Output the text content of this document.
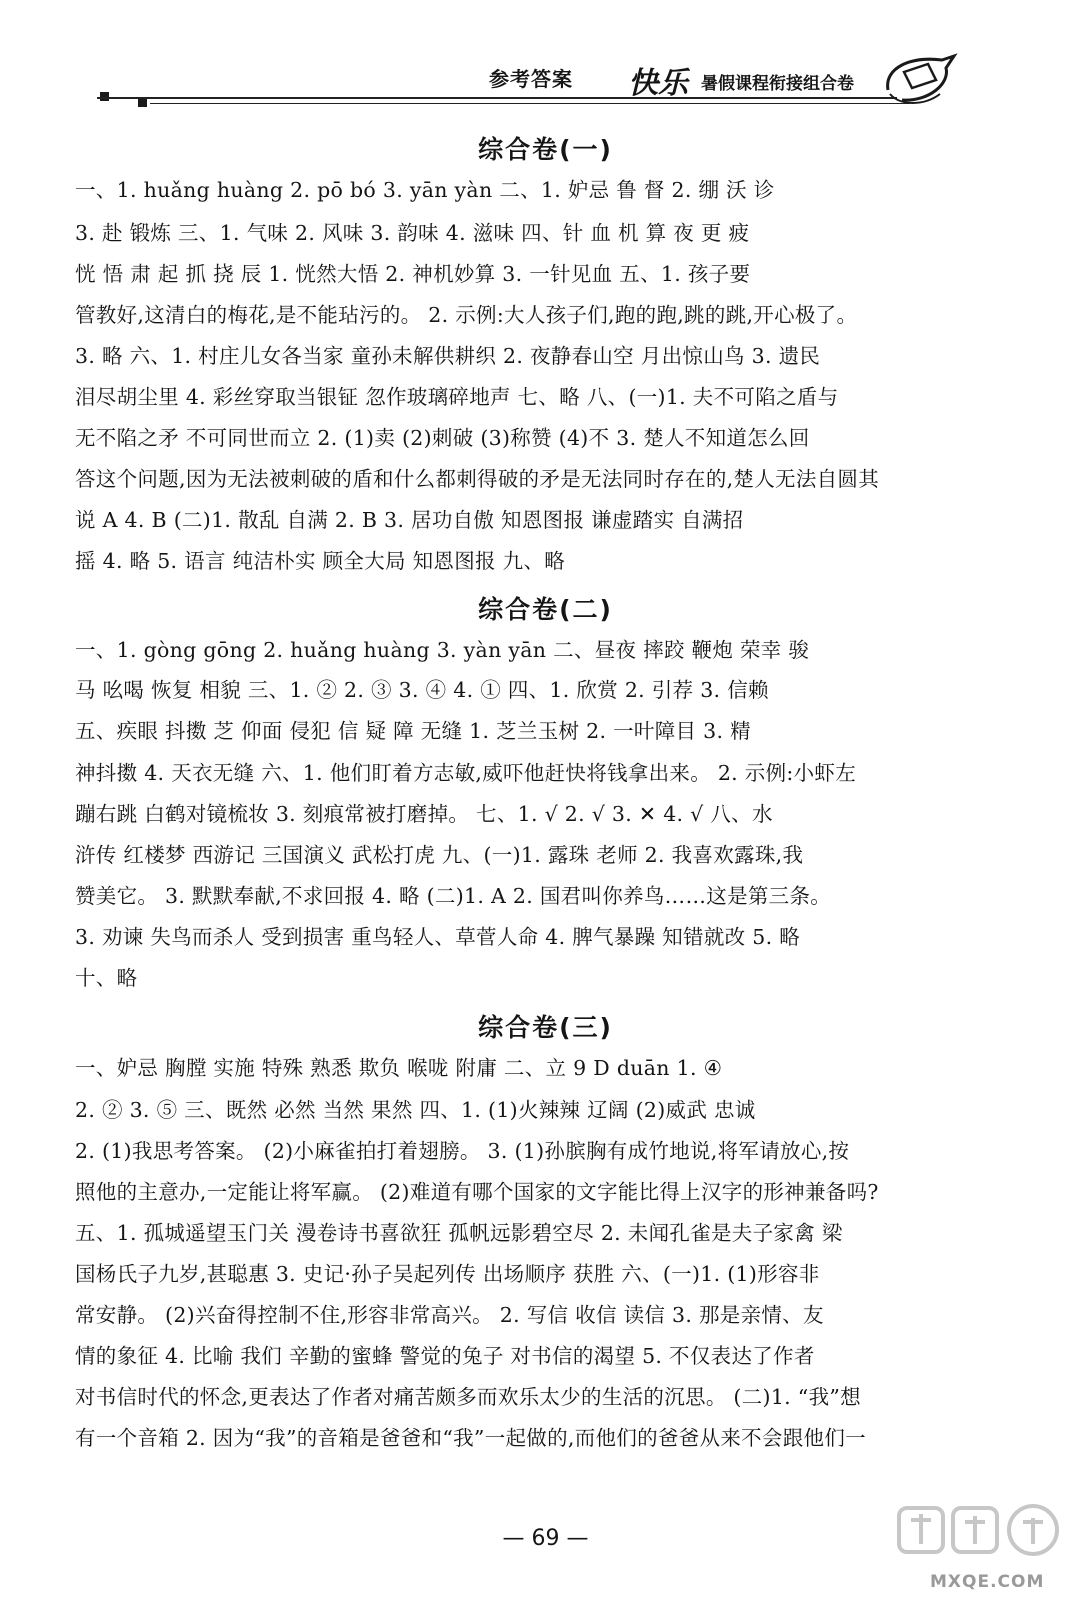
参考答案 快乐 暑假课程衔接组合卷
综合卷(一)
一、1. huǎng huàng 2. pō bó 3. yān yàn 二、1. 妒忌 鲁 督 2. 绷 沃 诊
3. 赴 锻炼 三、1. 气味 2. 风味 3. 韵味 4. 滋味 四、针 血 机 算 夜 更 疲
恍 悟 肃 起 抓 挠 辰 1. 恍然大悟 2. 神机妙算 3. 一针见血 五、1. 孩子要
管教好,这清白的梅花,是不能玷污的。 2. 示例:大人孩子们,跑的跑,跳的跳,开心极了。
3. 略 六、1. 村庄儿女各当家 童孙未解供耕织 2. 夜静春山空 月出惊山鸟 3. 遗民
泪尽胡尘里 4. 彩丝穿取当银钲 忽作玻璃碎地声 七、略 八、(一)1. 夫不可陷之盾与
无不陷之矛 不可同世而立 2. (1)卖 (2)刺破 (3)称赞 (4)不 3. 楚人不知道怎么回
答这个问题,因为无法被刺破的盾和什么都刺得破的矛是无法同时存在的,楚人无法自圆其
说 A 4. B (二)1. 散乱 自满 2. B 3. 居功自傲 知恩图报 谦虚踏实 自满招
摇 4. 略 5. 语言 纯洁朴实 顾全大局 知恩图报 九、略
综合卷(二)
一、1. gòng gōng 2. huǎng huàng 3. yàn yān 二、昼夜 摔跤 鞭炮 荣幸 骏
马 吆喝 恢复 相貌 三、1. ② 2. ③ 3. ④ 4. ① 四、1. 欣赏 2. 引荐 3. 信赖
五、疾眼 抖擞 芝 仰面 侵犯 信 疑 障 无缝 1. 芝兰玉树 2. 一叶障目 3. 精
神抖擞 4. 天衣无缝 六、1. 他们盯着方志敏,威吓他赶快将钱拿出来。 2. 示例:小虾左
蹦右跳 白鹤对镜梳妆 3. 刻痕常被打磨掉。 七、1. √ 2. √ 3. ✕ 4. √ 八、水
浒传 红楼梦 西游记 三国演义 武松打虎 九、(一)1. 露珠 老师 2. 我喜欢露珠,我
赞美它。 3. 默默奉献,不求回报 4. 略 (二)1. A 2. 国君叫你养鸟……这是第三条。
3. 劝谏 失鸟而杀人 受到损害 重鸟轻人、草菅人命 4. 脾气暴躁 知错就改 5. 略
十、略
综合卷(三)
一、妒忌 胸膛 实施 特殊 熟悉 欺负 喉咙 附庸 二、立 9 D duān 1. ④
2. ② 3. ⑤ 三、既然 必然 当然 果然 四、1. (1)火辣辣 辽阔 (2)威武 忠诚
2. (1)我思考答案。 (2)小麻雀拍打着翅膀。 3. (1)孙膑胸有成竹地说,将军请放心,按
照他的主意办,一定能让将军赢。 (2)难道有哪个国家的文字能比得上汉字的形神兼备吗?
五、1. 孤城遥望玉门关 漫卷诗书喜欲狂 孤帆远影碧空尽 2. 未闻孔雀是夫子家禽 梁
国杨氏子九岁,甚聪惠 3. 史记·孙子吴起列传 出场顺序 获胜 六、(一)1. (1)形容非
常安静。 (2)兴奋得控制不住,形容非常高兴。 2. 写信 收信 读信 3. 那是亲情、友
情的象征 4. 比喻 我们 辛勤的蜜蜂 警觉的兔子 对书信的渴望 5. 不仅表达了作者
对书信时代的怀念,更表达了作者对痛苦颇多而欢乐太少的生活的沉思。 (二)1. “我”想
有一个音箱 2. 因为“我”的音箱是爸爸和“我”一起做的,而他们的爸爸从来不会跟他们一
— 69 —
MXQE.COM
